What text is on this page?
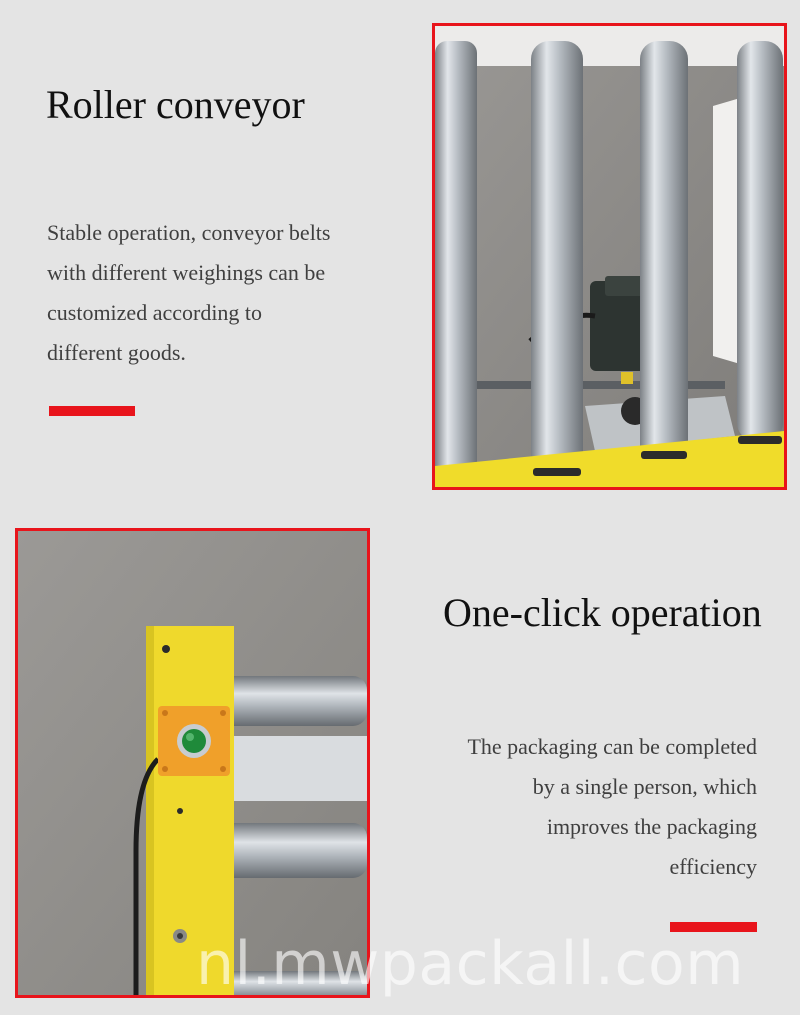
Roller conveyor

Stable operation, conveyor belts
with different weighings can be
customized according to
different goods.

One-click operation

The packaging can be completed
by a single person, which
improves the packaging
efficiency

nl.mwpackall.com
